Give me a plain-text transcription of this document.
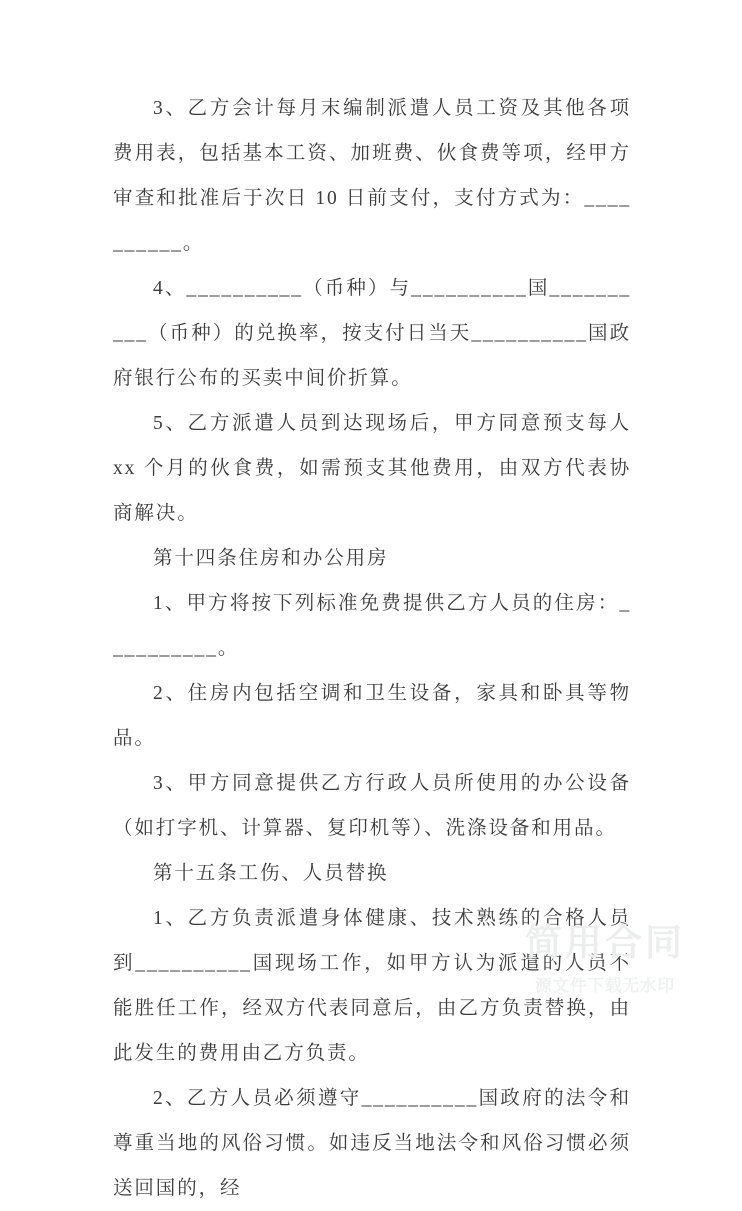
3、乙方会计每月末编制派遣人员工资及其他各项费用表，包括基本工资、加班费、伙食费等项，经甲方审查和批准后于次日 10 日前支付，支付方式为：__________。

4、__________（币种）与__________国__________（币种）的兑换率，按支付日当天__________国政府银行公布的买卖中间价折算。

5、乙方派遣人员到达现场后，甲方同意预支每人 xx 个月的伙食费，如需预支其他费用，由双方代表协商解决。

第十四条住房和办公用房

1、甲方将按下列标准免费提供乙方人员的住房：__________。

2、住房内包括空调和卫生设备，家具和卧具等物品。

3、甲方同意提供乙方行政人员所使用的办公设备（如打字机、计算器、复印机等）、洗涤设备和用品。

第十五条工伤、人员替换

1、乙方负责派遣身体健康、技术熟练的合格人员到__________国现场工作，如甲方认为派遣的人员不能胜任工作，经双方代表同意后，由乙方负责替换，由此发生的费用由乙方负责。

2、乙方人员必须遵守__________国政府的法令和尊重当地的风俗习惯。如违反当地法令和风俗习惯必须送回国的，经

简用合同
源文件下载无水印
